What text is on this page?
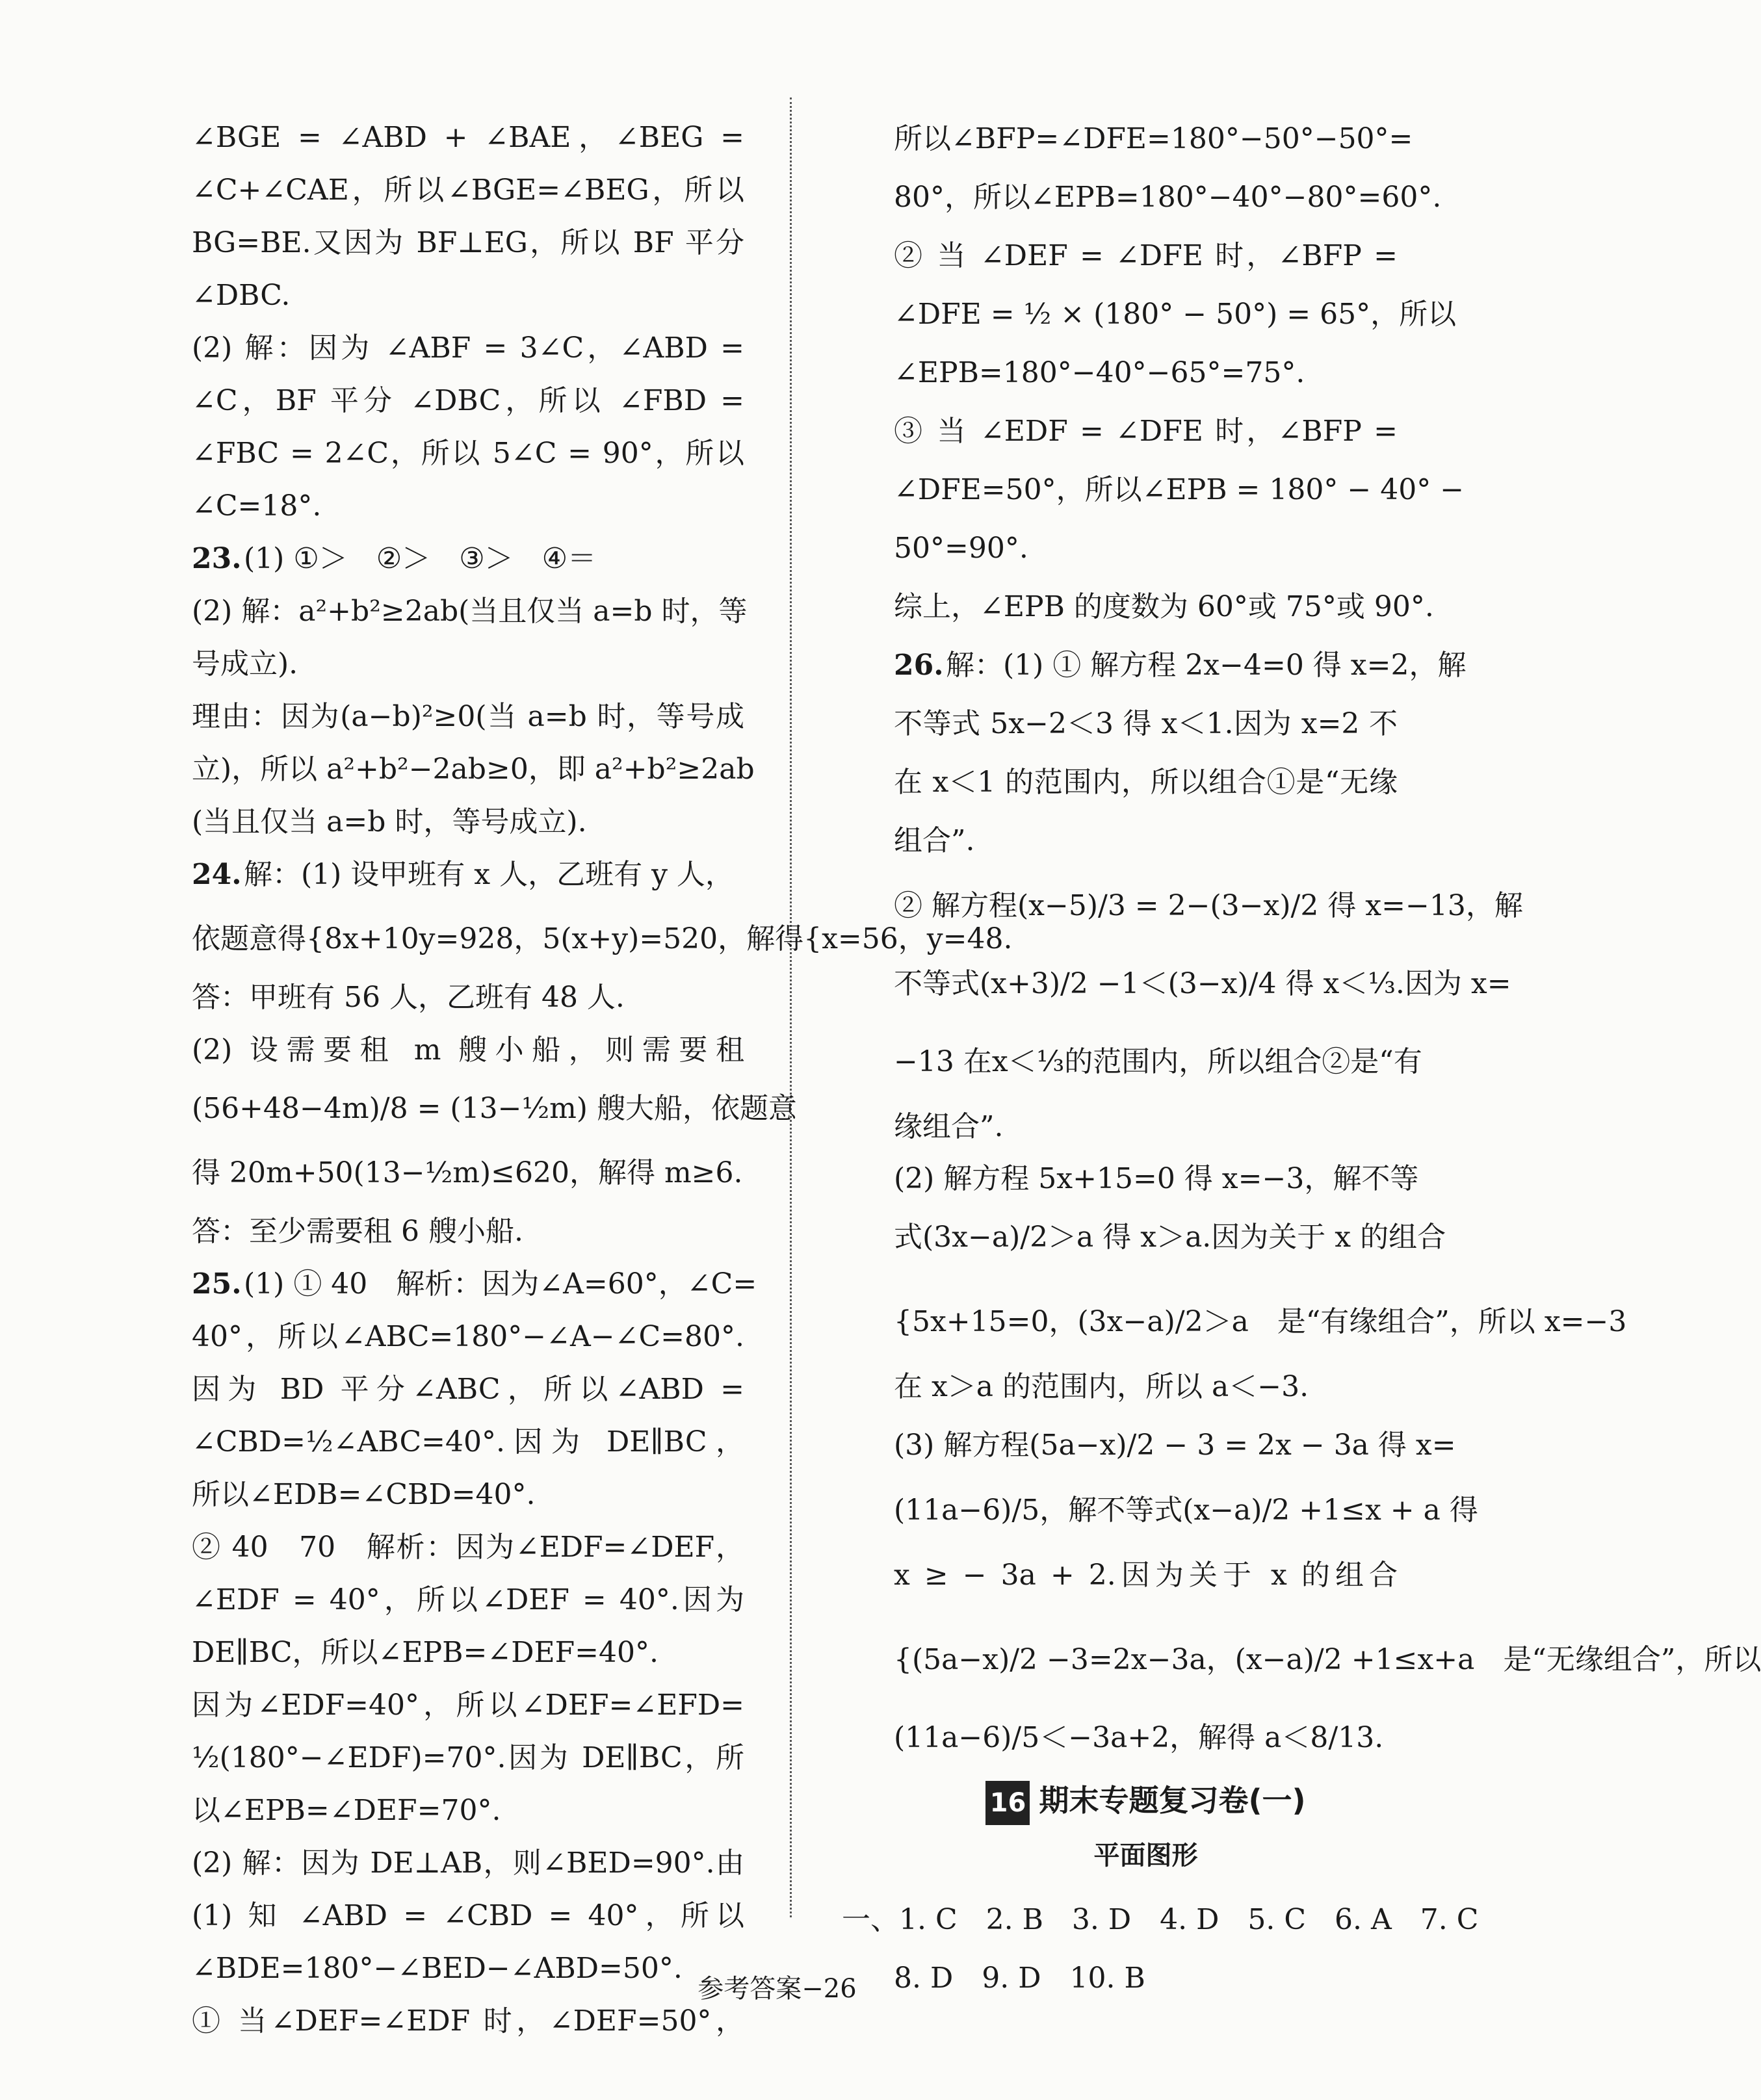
∠BGE = ∠ABD + ∠BAE，∠BEG =
∠C+∠CAE，所以∠BGE=∠BEG，所以
BG=BE.又因为 BF⊥EG，所以 BF 平分
∠DBC.
(2) 解：因为 ∠ABF = 3∠C，∠ABD =
∠C，BF 平分 ∠DBC，所以 ∠FBD =
∠FBC = 2∠C，所以 5∠C = 90°，所以
∠C=18°.
23. (1) ①＞　②＞　③＞　④＝
(2) 解：a²+b²≥2ab(当且仅当 a=b 时，等
号成立).
理由：因为(a−b)²≥0(当 a=b 时，等号成
立)，所以 a²+b²−2ab≥0，即 a²+b²≥2ab
(当且仅当 a=b 时，等号成立).
24. 解：(1) 设甲班有 x 人，乙班有 y 人，
依题意得{8x+10y=928，5(x+y)=520，解得{x=56，y=48.
答：甲班有 56 人，乙班有 48 人.
(2) 设需要租 m 艘小船，则需要租
(56+48−4m)/8 = (13−½m) 艘大船，依题意
得 20m+50(13−½m)≤620，解得 m≥6.
答：至少需要租 6 艘小船.
25. (1) ① 40　解析：因为∠A=60°，∠C=
40°，所以∠ABC=180°−∠A−∠C=80°.
因为 BD 平分∠ABC，所以∠ABD =
∠CBD=½∠ABC=40°.因为 DE∥BC，
所以∠EDB=∠CBD=40°.
② 40　70　解析：因为∠EDF=∠DEF，
∠EDF = 40°，所以∠DEF = 40°.因为
DE∥BC，所以∠EPB=∠DEF=40°.
因为∠EDF=40°，所以∠DEF=∠EFD=
½(180°−∠EDF)=70°.因为 DE∥BC，所
以∠EPB=∠DEF=70°.
(2) 解：因为 DE⊥AB，则∠BED=90°.由
(1) 知 ∠ABD = ∠CBD = 40°，所以
∠BDE=180°−∠BED−∠ABD=50°.
① 当∠DEF=∠EDF 时，∠DEF=50°，
16 期末专题复习卷(一)
平面图形
一、1. C　2. B　3. D　4. D　5. C　6. A　7. C
8. D　9. D　10. B
所以∠BFP=∠DFE=180°−50°−50°=
80°，所以∠EPB=180°−40°−80°=60°.
② 当 ∠DEF = ∠DFE 时，∠BFP =
∠DFE = ½ × (180° − 50°) = 65°，所以
∠EPB=180°−40°−65°=75°.
③ 当 ∠EDF = ∠DFE 时，∠BFP =
∠DFE=50°，所以∠EPB = 180° − 40° −
50°=90°.
综上，∠EPB 的度数为 60°或 75°或 90°.
26. 解：(1) ① 解方程 2x−4=0 得 x=2，解
不等式 5x−2＜3 得 x＜1.因为 x=2 不
在 x＜1 的范围内，所以组合①是“无缘
组合”.
② 解方程(x−5)/3 = 2−(3−x)/2 得 x=−13，解
不等式(x+3)/2 −1＜(3−x)/4 得 x＜⅓.因为 x=
−13 在x＜⅓的范围内，所以组合②是“有
缘组合”.
(2) 解方程 5x+15=0 得 x=−3，解不等
式(3x−a)/2＞a 得 x＞a.因为关于 x 的组合
{5x+15=0，(3x−a)/2＞a　是“有缘组合”，所以 x=−3
在 x＞a 的范围内，所以 a＜−3.
(3) 解方程(5a−x)/2 − 3 = 2x − 3a 得 x=
(11a−6)/5，解不等式(x−a)/2 +1≤x + a 得
x ≥ − 3a + 2.因为关于 x 的组合
{(5a−x)/2 −3=2x−3a，(x−a)/2 +1≤x+a　是“无缘组合”，所以
(11a−6)/5＜−3a+2，解得 a＜8/13.
参考答案−26
